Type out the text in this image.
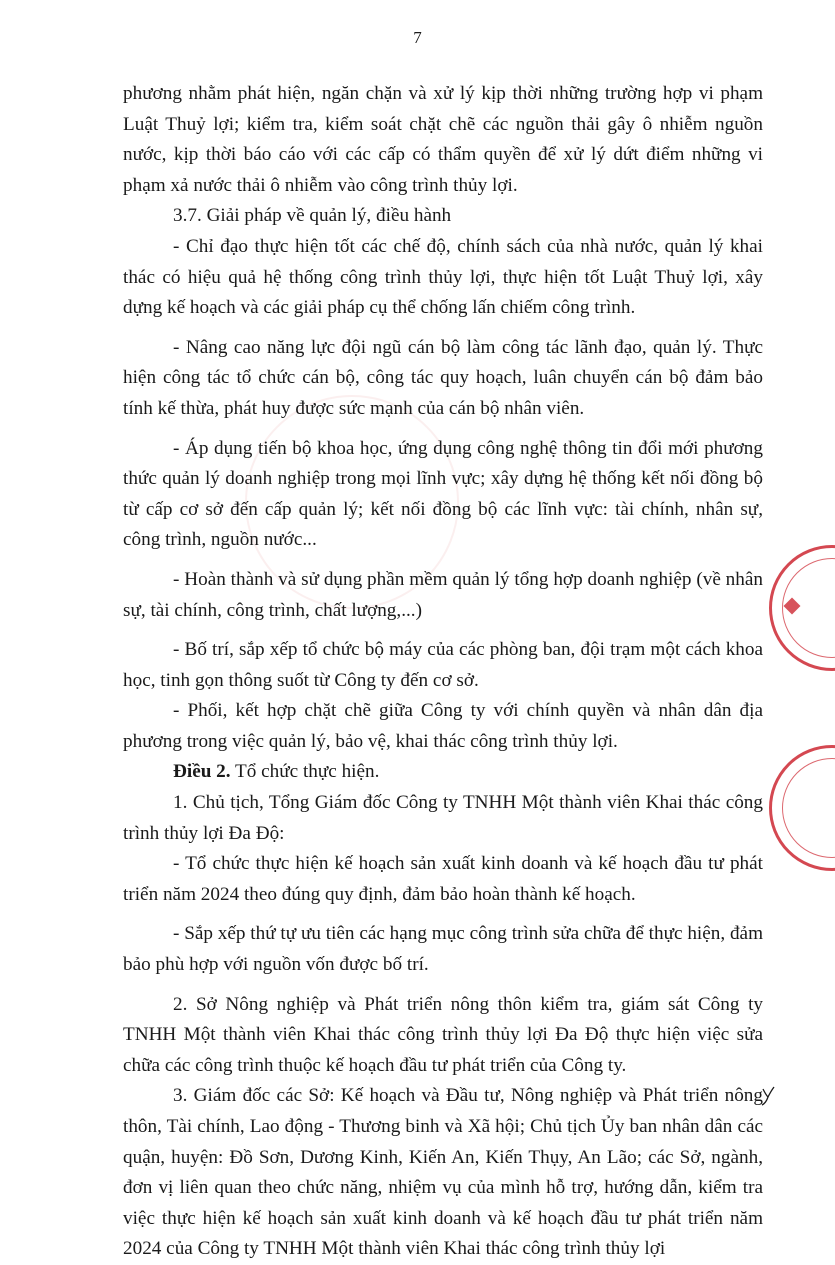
7

phương nhằm phát hiện, ngăn chặn và xử lý kịp thời những trường hợp vi phạm Luật Thuỷ lợi; kiểm tra, kiểm soát chặt chẽ các nguồn thải gây ô nhiễm nguồn nước, kịp thời báo cáo với các cấp có thẩm quyền để xử lý dứt điểm những vi phạm xả nước thải ô nhiễm vào công trình thủy lợi.

3.7. Giải pháp về quản lý, điều hành

- Chỉ đạo thực hiện tốt các chế độ, chính sách của nhà nước, quản lý khai thác có hiệu quả hệ thống công trình thủy lợi, thực hiện tốt Luật Thuỷ lợi, xây dựng kế hoạch và các giải pháp cụ thể chống lấn chiếm công trình.

- Nâng cao năng lực đội ngũ cán bộ làm công tác lãnh đạo, quản lý. Thực hiện công tác tổ chức cán bộ, công tác quy hoạch, luân chuyển cán bộ đảm bảo tính kế thừa, phát huy được sức mạnh của cán bộ nhân viên.

- Áp dụng tiến bộ khoa học, ứng dụng công nghệ thông tin đổi mới phương thức quản lý doanh nghiệp trong mọi lĩnh vực; xây dựng hệ thống kết nối đồng bộ từ cấp cơ sở đến cấp quản lý; kết nối đồng bộ các lĩnh vực: tài chính, nhân sự, công trình, nguồn nước...

- Hoàn thành và sử dụng phần mềm quản lý tổng hợp doanh nghiệp (về nhân sự, tài chính, công trình, chất lượng,...)

- Bố trí, sắp xếp tổ chức bộ máy của các phòng ban, đội trạm một cách khoa học, tinh gọn thông suốt từ Công ty đến cơ sở.

- Phối, kết hợp chặt chẽ giữa Công ty với chính quyền và nhân dân địa phương trong việc quản lý, bảo vệ, khai thác công trình thủy lợi.

Điều 2. Tổ chức thực hiện.

1. Chủ tịch, Tổng Giám đốc Công ty TNHH Một thành viên Khai thác công trình thủy lợi Đa Độ:

- Tổ chức thực hiện kế hoạch sản xuất kinh doanh và kế hoạch đầu tư phát triển năm 2024 theo đúng quy định, đảm bảo hoàn thành kế hoạch.

- Sắp xếp thứ tự ưu tiên các hạng mục công trình sửa chữa để thực hiện, đảm bảo phù hợp với nguồn vốn được bố trí.

2. Sở Nông nghiệp và Phát triển nông thôn kiểm tra, giám sát Công ty TNHH Một thành viên Khai thác công trình thủy lợi Đa Độ thực hiện việc sửa chữa các công trình thuộc kế hoạch đầu tư phát triển của Công ty.

3. Giám đốc các Sở: Kế hoạch và Đầu tư, Nông nghiệp và Phát triển nông thôn, Tài chính, Lao động - Thương binh và Xã hội; Chủ tịch Ủy ban nhân dân các quận, huyện: Đồ Sơn, Dương Kinh, Kiến An, Kiến Thụy, An Lão; các Sở, ngành, đơn vị liên quan theo chức năng, nhiệm vụ của mình hỗ trợ, hướng dẫn, kiểm tra việc thực hiện kế hoạch sản xuất kinh doanh và kế hoạch đầu tư phát triển năm 2024 của Công ty TNHH Một thành viên Khai thác công trình thủy lợi
